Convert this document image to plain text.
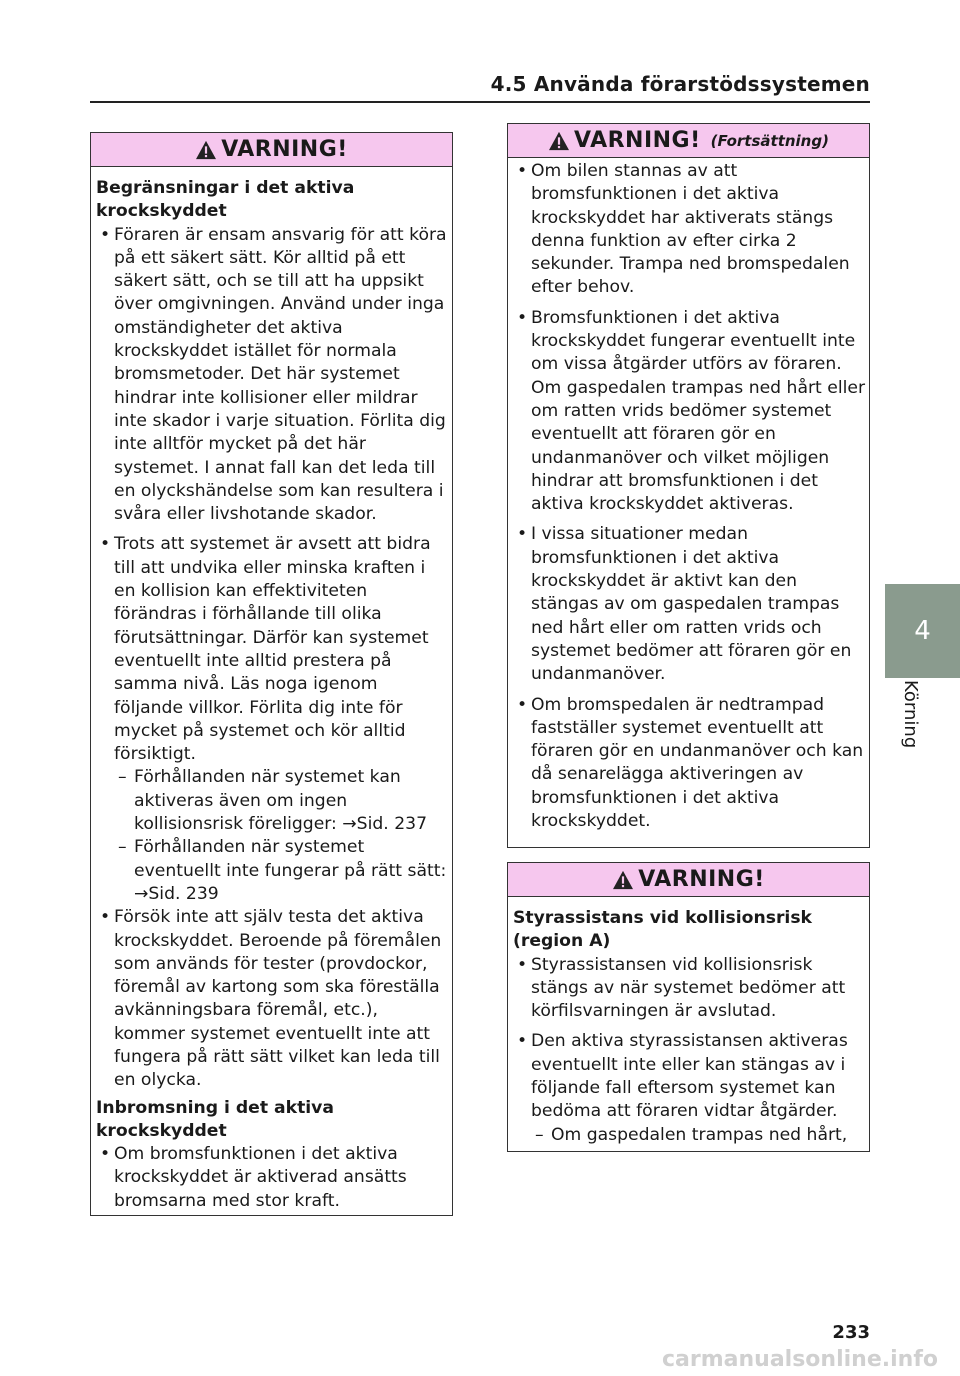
4.5 Använda förarstödssystemen
VARNING!
Begränsningar i det aktiva krockskyddet
• Föraren är ensam ansvarig för att köra på ett säkert sätt. Kör alltid på ett säkert sätt, och se till att ha uppsikt över omgivningen. Använd under inga omständigheter det aktiva krockskyddet istället för normala bromsmetoder. Det här systemet hindrar inte kollisioner eller mildrar inte skador i varje situation. Förlita dig inte alltför mycket på det här systemet. I annat fall kan det leda till en olyckshändelse som kan resultera i svåra eller livshotande skador.
• Trots att systemet är avsett att bidra till att undvika eller minska kraften i en kollision kan effektiviteten förändras i förhållande till olika förutsättningar. Därför kan systemet eventuellt inte alltid prestera på samma nivå. Läs noga igenom följande villkor. Förlita dig inte för mycket på systemet och kör alltid försiktigt.
– Förhållanden när systemet kan aktiveras även om ingen kollisionsrisk föreligger: →Sid. 237
– Förhållanden när systemet eventuellt inte fungerar på rätt sätt: →Sid. 239
• Försök inte att själv testa det aktiva krockskyddet. Beroende på föremålen som används för tester (provdockor, föremål av kartong som ska föreställa avkänningsbara föremål, etc.), kommer systemet eventuellt inte att fungera på rätt sätt vilket kan leda till en olycka.
Inbromsning i det aktiva krockskyddet
• Om bromsfunktionen i det aktiva krockskyddet är aktiverad ansätts bromsarna med stor kraft.
VARNING! (Fortsättning)
• Om bilen stannas av att bromsfunktionen i det aktiva krockskyddet har aktiverats stängs denna funktion av efter cirka 2 sekunder. Trampa ned bromspedalen efter behov.
• Bromsfunktionen i det aktiva krockskyddet fungerar eventuellt inte om vissa åtgärder utförs av föraren. Om gaspedalen trampas ned hårt eller om ratten vrids bedömer systemet eventuellt att föraren gör en undanmanöver och vilket möjligen hindrar att bromsfunktionen i det aktiva krockskyddet aktiveras.
• I vissa situationer medan bromsfunktionen i det aktiva krockskyddet är aktivt kan den stängas av om gaspedalen trampas ned hårt eller om ratten vrids och systemet bedömer att föraren gör en undanmanöver.
• Om bromspedalen är nedtrampad fastställer systemet eventuellt att föraren gör en undanmanöver och kan då senarelägga aktiveringen av bromsfunktionen i det aktiva krockskyddet.
VARNING!
Styrassistans vid kollisionsrisk (region A)
• Styrassistansen vid kollisionsrisk stängs av när systemet bedömer att körfilsvarningen är avslutad.
• Den aktiva styrassistansen aktiveras eventuellt inte eller kan stängas av i följande fall eftersom systemet kan bedöma att föraren vidtar åtgärder.
– Om gaspedalen trampas ned hårt,
4
Körning
233
carmanualsonline.info
